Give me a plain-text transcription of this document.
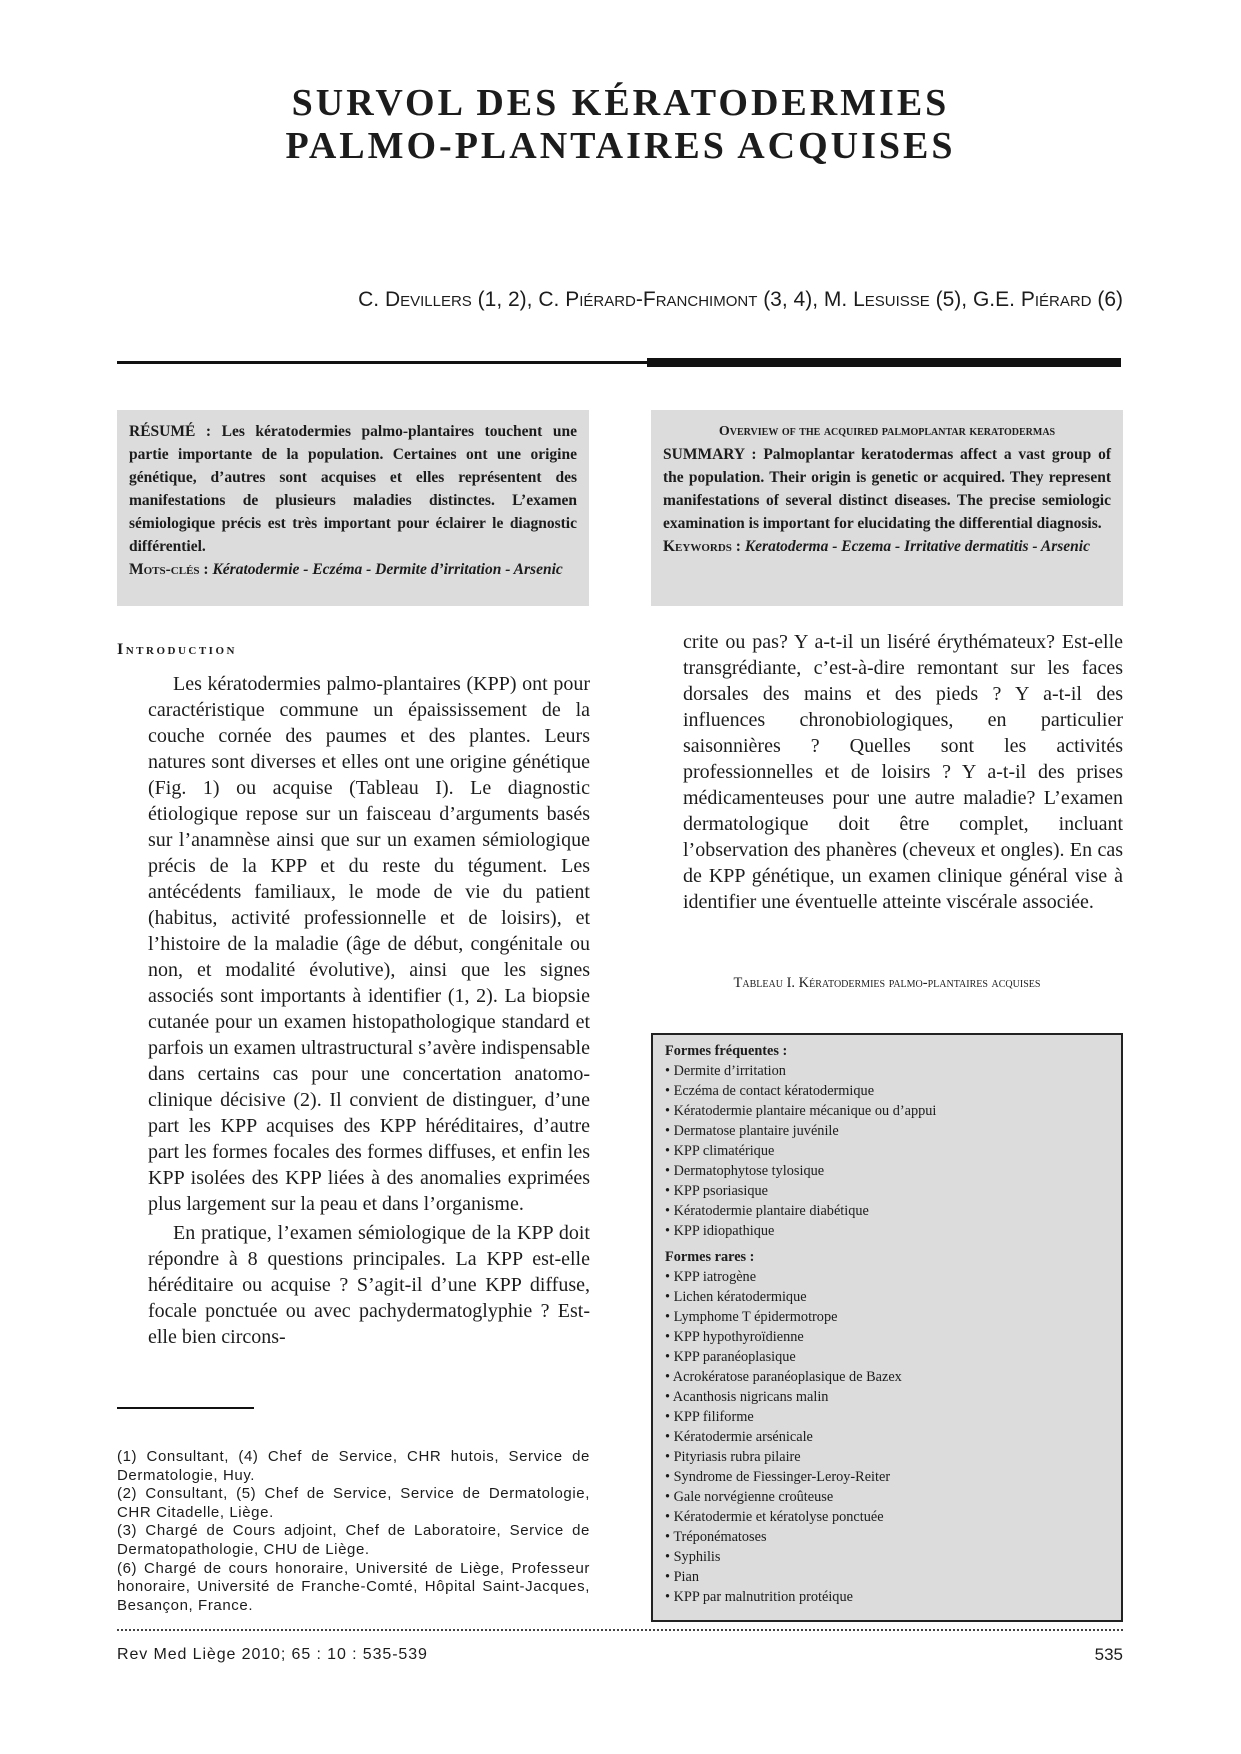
SURVOL DES KÉRATODERMIES
PALMO-PLANTAIRES ACQUISES
C. Devillers (1, 2), C. Piérard-Franchimont (3, 4), M. Lesuisse (5), G.E. Piérard (6)
RÉSUMÉ : Les kératodermies palmo-plantaires touchent une partie importante de la population. Certaines ont une origine génétique, d’autres sont acquises et elles représentent des manifestations de plusieurs maladies distinctes. L’examen sémiologique précis est très important pour éclairer le diagnostic différentiel.
Mots-clés : Kératodermie - Eczéma - Dermite d’irritation - Arsenic
Overview of the acquired palmoplantar keratodermas
SUMMARY : Palmoplantar keratodermas affect a vast group of the population. Their origin is genetic or acquired. They represent manifestations of several distinct diseases. The precise semiologic examination is important for elucidating the differential diagnosis.
Keywords : Keratoderma - Eczema - Irritative dermatitis - Arsenic
Introduction

Les kératodermies palmo-plantaires (KPP) ont pour caractéristique commune un épaississement de la couche cornée des paumes et des plantes. Leurs natures sont diverses et elles ont une origine génétique (Fig. 1) ou acquise (Tableau I). Le diagnostic étiologique repose sur un faisceau d’arguments basés sur l’anamnèse ainsi que sur un examen sémiologique précis de la KPP et du reste du tégument. Les antécédents familiaux, le mode de vie du patient (habitus, activité professionnelle et de loisirs), et l’histoire de la maladie (âge de début, congénitale ou non, et modalité évolutive), ainsi que les signes associés sont importants à identifier (1, 2). La biopsie cutanée pour un examen histopathologique standard et parfois un examen ultrastructural s’avère indispensable dans certains cas pour une concertation anatomo-clinique décisive (2). Il convient de distinguer, d’une part les KPP acquises des KPP héréditaires, d’autre part les formes focales des formes diffuses, et enfin les KPP isolées des KPP liées à des anomalies exprimées plus largement sur la peau et dans l’organisme.

En pratique, l’examen sémiologique de la KPP doit répondre à 8 questions principales. La KPP est-elle héréditaire ou acquise ? S’agit-il d’une KPP diffuse, focale ponctuée ou avec pachydermatoglyphie ? Est-elle bien circons-

crite ou pas? Y a-t-il un liséré érythémateux? Est-elle transgrédiante, c’est-à-dire remontant sur les faces dorsales des mains et des pieds ? Y a-t-il des influences chronobiologiques, en particulier saisonnières ? Quelles sont les activités professionnelles et de loisirs ? Y a-t-il des prises médicamenteuses pour une autre maladie? L’examen dermatologique doit être complet, incluant l’observation des phanères (cheveux et ongles). En cas de KPP génétique, un examen clinique général vise à identifier une éventuelle atteinte viscérale associée.

(1) Consultant, (4) Chef de Service, CHR hutois, Service de Dermatologie, Huy.

(2) Consultant, (5) Chef de Service, Service de Dermatologie, CHR Citadelle, Liège.

(3) Chargé de Cours adjoint, Chef de Laboratoire, Service de Dermatopathologie, CHU de Liège.

(6) Chargé de cours honoraire, Université de Liège, Professeur honoraire, Université de Franche-Comté, Hôpital Saint-Jacques, Besançon, France.

Tableau I. Kératodermies palmo-plantaires acquises
Formes fréquentes :
• Dermite d’irritation
• Eczéma de contact kératodermique
• Kératodermie plantaire mécanique ou d’appui
• Dermatose plantaire juvénile
• KPP climatérique
• Dermatophytose tylosique
• KPP psoriasique
• Kératodermie plantaire diabétique
• KPP idiopathique
Formes rares :
• KPP iatrogène
• Lichen kératodermique
• Lymphome T épidermotrope
• KPP hypothyroïdienne
• KPP paranéoplasique
• Acrokératose paranéoplasique de Bazex
• Acanthosis nigricans malin
• KPP filiforme
• Kératodermie arsénicale
• Pityriasis rubra pilaire
• Syndrome de Fiessinger-Leroy-Reiter
• Gale norvégienne croûteuse
• Kératodermie et kératolyse ponctuée
• Tréponématoses
• Syphilis
• Pian
• KPP par malnutrition protéique
Rev Med Liège 2010; 65 : 10 : 535-539	535
